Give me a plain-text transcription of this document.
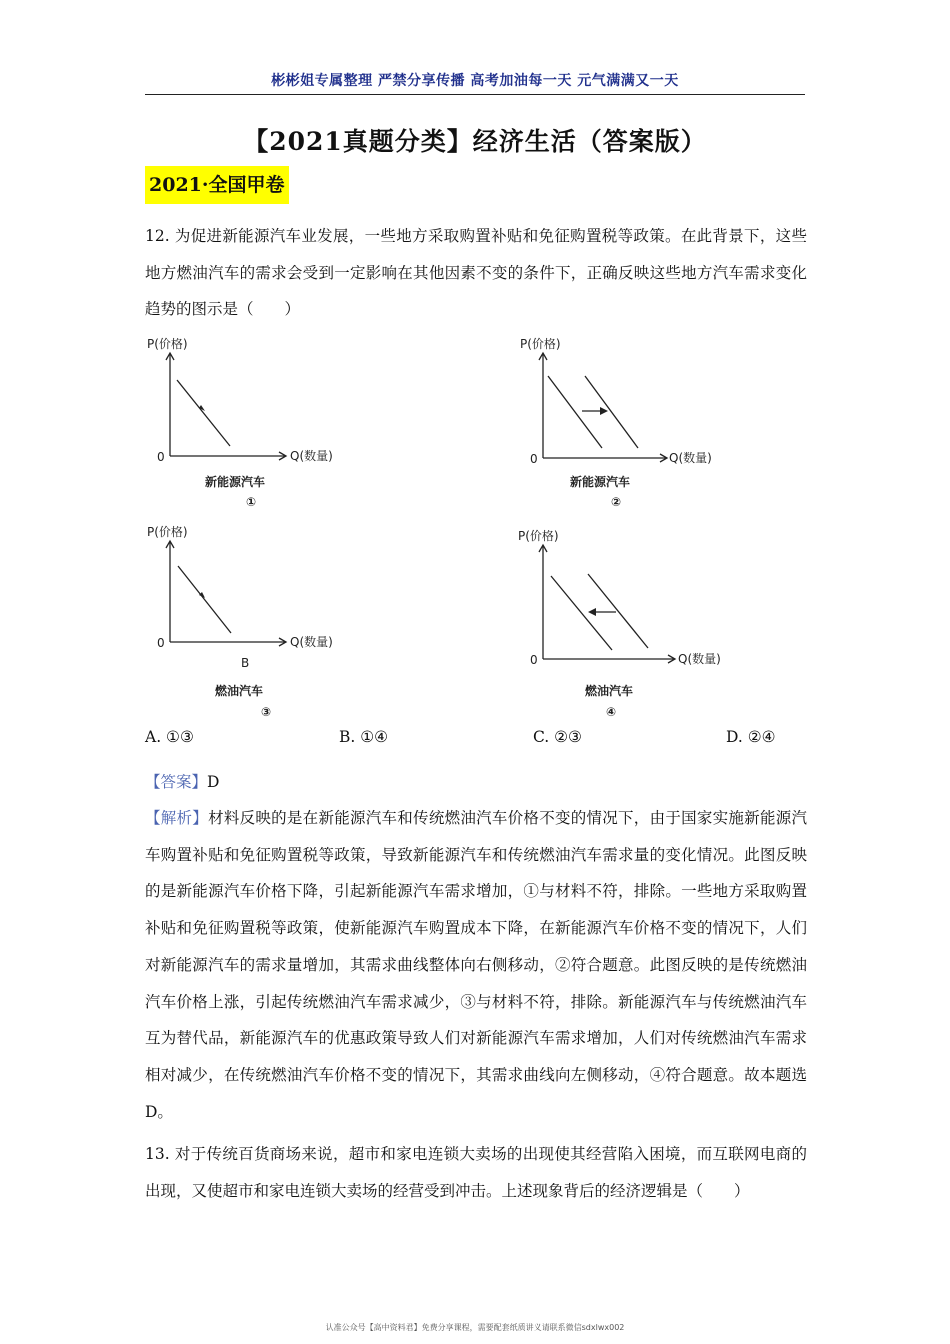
彬彬姐专属整理 严禁分享传播 高考加油每一天 元气满满又一天
【2021真题分类】经济生活（答案版）
2021·全国甲卷

12. 为促进新能源汽车业发展，一些地方采取购置补贴和免征购置税等政策。在此背景下，这些地方燃油汽车的需求会受到一定影响在其他因素不变的条件下，正确反映这些地方汽车需求变化趋势的图示是（　　）

P(价格)
0	Q(数量)
新能源汽车
①
P(价格)
0	Q(数量)
新能源汽车
②
P(价格)
0	Q(数量)
B
燃油汽车
③
P(价格)
0	Q(数量)
燃油汽车
④
A. ①③	B. ①④	C. ②③	D. ②④

【答案】D

【解析】材料反映的是在新能源汽车和传统燃油汽车价格不变的情况下，由于国家实施新能源汽车购置补贴和免征购置税等政策，导致新能源汽车和传统燃油汽车需求量的变化情况。此图反映的是新能源汽车价格下降，引起新能源汽车需求增加，①与材料不符，排除。一些地方采取购置补贴和免征购置税等政策，使新能源汽车购置成本下降，在新能源汽车价格不变的情况下，人们对新能源汽车的需求量增加，其需求曲线整体向右侧移动，②符合题意。此图反映的是传统燃油汽车价格上涨，引起传统燃油汽车需求减少，③与材料不符，排除。新能源汽车与传统燃油汽车互为替代品，新能源汽车的优惠政策导致人们对新能源汽车需求增加，人们对传统燃油汽车需求相对减少，在传统燃油汽车价格不变的情况下，其需求曲线向左侧移动，④符合题意。故本题选D。

13. 对于传统百货商场来说，超市和家电连锁大卖场的出现使其经营陷入困境，而互联网电商的出现，又使超市和家电连锁大卖场的经营受到冲击。上述现象背后的经济逻辑是（　　）

认准公众号【高中资料君】免费分享课程，需要配套纸质讲义请联系微信sdxlwx002
